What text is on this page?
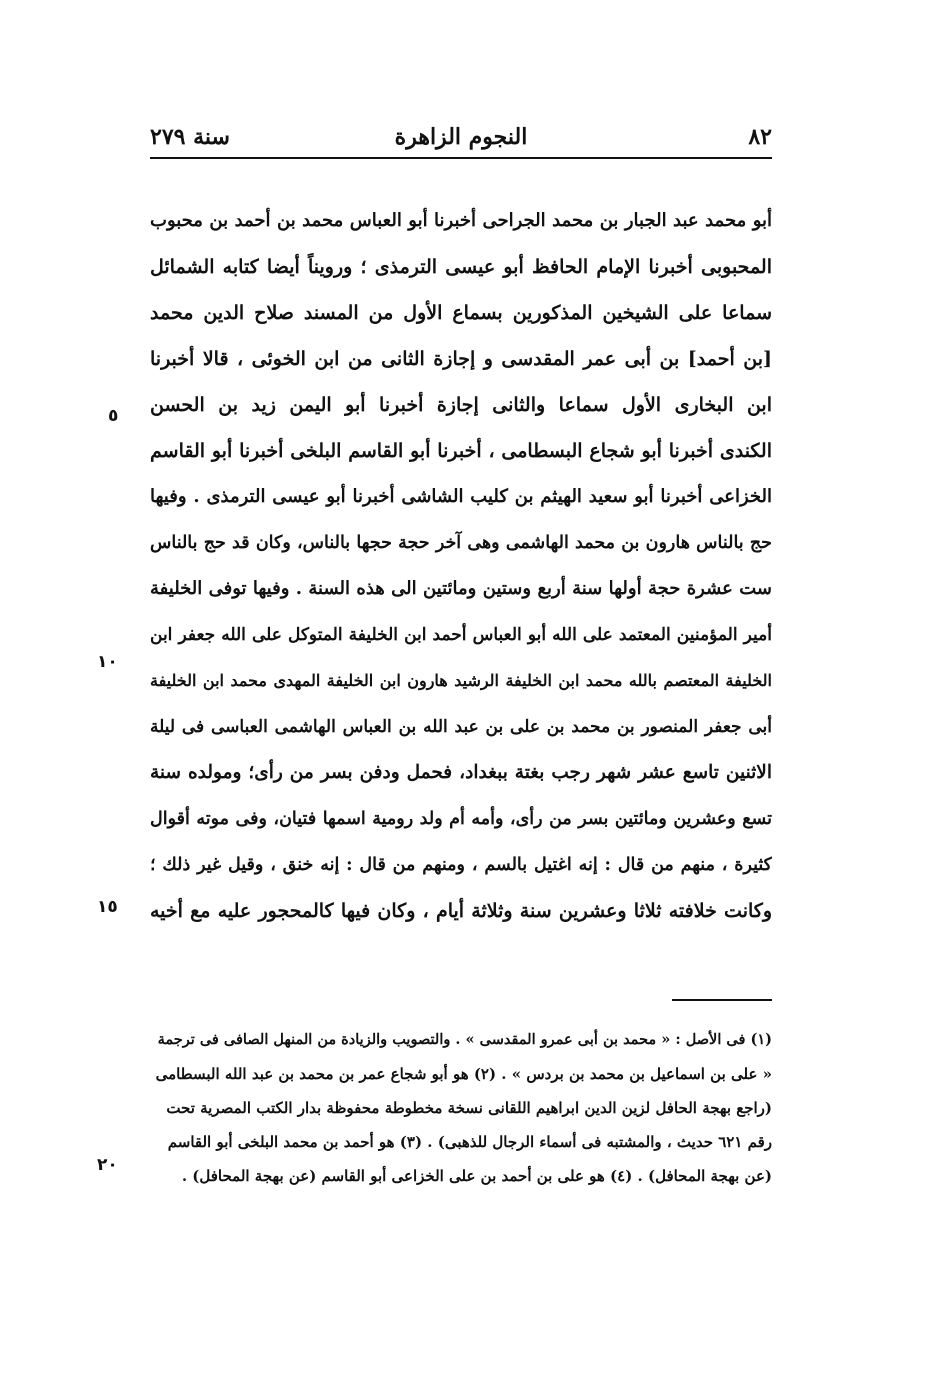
٨٢
النجوم الزاهرة
سنة ٢٧٩
أبو محمد عبد الجبار بن محمد الجراحى أخبرنا أبو العباس محمد بن أحمد بن محبوب
المحبوبى أخبرنا الإمام الحافظ أبو عيسى الترمذى ؛ ورويناً أيضا كتابه الشمائل
سماعا على الشيخين المذكورين بسماع الأول من المسند صلاح الدين محمد
[بن أحمد] بن أبى عمر المقدسى و إجازة الثانى من ابن الخوئى ، قالا أخبرنا
ابن البخارى الأول سماعا والثانى إجازة أخبرنا أبو اليمن زيد بن الحسن
الكندى أخبرنا أبو شجاع البسطامى ، أخبرنا أبو القاسم البلخى أخبرنا أبو القاسم
الخزاعى أخبرنا أبو سعيد الهيثم بن كليب الشاشى أخبرنا أبو عيسى الترمذى . وفيها
حج بالناس هارون بن محمد الهاشمى وهى آخر حجة حجها بالناس، وكان قد حج بالناس
ست عشرة حجة أولها سنة أربع وستين ومائتين الى هذه السنة . وفيها توفى الخليفة
أمير المؤمنين المعتمد على الله أبو العباس أحمد ابن الخليفة المتوكل على الله جعفر ابن
الخليفة المعتصم بالله محمد ابن الخليفة الرشيد هارون ابن الخليفة المهدى محمد ابن الخليفة
أبى جعفر المنصور بن محمد بن على بن عبد الله بن العباس الهاشمى العباسى فى ليلة
الاثنين تاسع عشر شهر رجب بغتة ببغداد، فحمل ودفن بسر من رأى؛ ومولده سنة
تسع وعشرين ومائتين بسر من رأى، وأمه أم ولد رومية اسمها فتيان، وفى موته أقوال
كثيرة ، منهم من قال : إنه اغتيل بالسم ، ومنهم من قال : إنه خنق ، وقيل غير ذلك ؛
وكانت خلافته ثلاثا وعشرين سنة وثلاثة أيام ، وكان فيها كالمحجور عليه مع أخيه
٥
١٠
١٥
٢٠
(١) فى الأصل : « محمد بن أبى عمرو المقدسى » . والتصويب والزيادة من المنهل الصافى فى ترجمة
« على بن اسماعيل بن محمد بن بردس » . (٢) هو أبو شجاع عمر بن محمد بن عبد الله البسطامى
(راجع بهجة الحافل لزين الدين ابراهيم اللقانى نسخة مخطوطة محفوظة بدار الكتب المصرية تحت
رقم ٦٢١ حديث ، والمشتبه فى أسماء الرجال للذهبى) . (٣) هو أحمد بن محمد البلخى أبو القاسم
(عن بهجة المحافل) . (٤) هو على بن أحمد بن على الخزاعى أبو القاسم (عن بهجة المحافل) .
